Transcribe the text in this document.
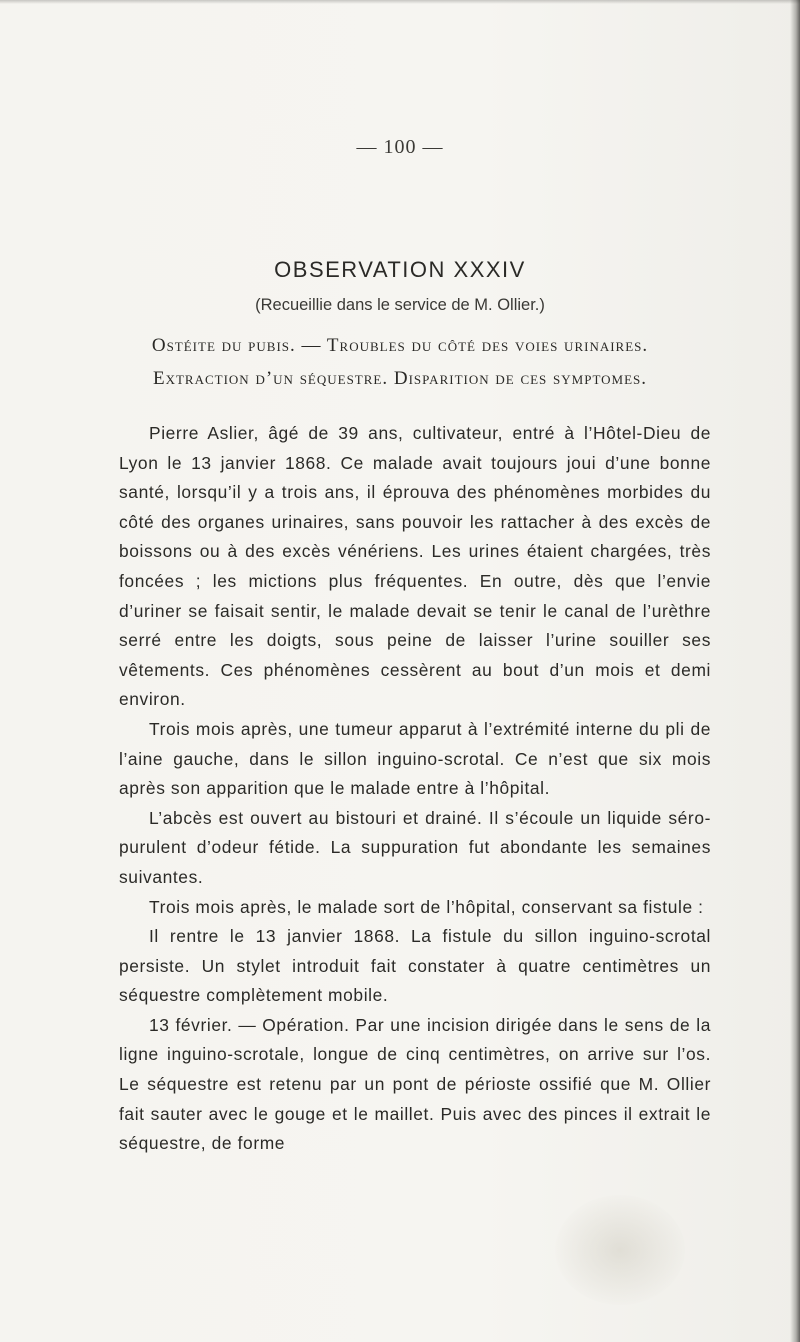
— 100 —
OBSERVATION XXXIV
(Recueillie dans le service de M. Ollier.)
Ostéite du pubis. — Troubles du côté des voies urinaires.
Extraction d’un séquestre. Disparition de ces symptomes.

Pierre Aslier, âgé de 39 ans, cultivateur, entré à l’Hôtel-Dieu de Lyon le 13 janvier 1868. Ce malade avait toujours joui d’une bonne santé, lorsqu’il y a trois ans, il éprouva des phénomènes morbides du côté des organes urinaires, sans pouvoir les rattacher à des excès de boissons ou à des excès vénériens. Les urines étaient chargées, très foncées ; les mictions plus fréquentes. En outre, dès que l’envie d’uriner se faisait sentir, le malade devait se tenir le canal de l’urèthre serré entre les doigts, sous peine de laisser l’urine souiller ses vêtements. Ces phénomènes cessèrent au bout d’un mois et demi environ.

Trois mois après, une tumeur apparut à l’extrémité interne du pli de l’aine gauche, dans le sillon inguino-scrotal. Ce n’est que six mois après son apparition que le malade entre à l’hôpital.

L’abcès est ouvert au bistouri et drainé. Il s’écoule un liquide séro-purulent d’odeur fétide. La suppuration fut abondante les semaines suivantes.

Trois mois après, le malade sort de l’hôpital, conservant sa fistule :

Il rentre le 13 janvier 1868. La fistule du sillon inguino-scrotal persiste. Un stylet introduit fait constater à quatre centimètres un séquestre complètement mobile.

13 février. — Opération. Par une incision dirigée dans le sens de la ligne inguino-scrotale, longue de cinq centimètres, on arrive sur l’os. Le séquestre est retenu par un pont de périoste ossifié que M. Ollier fait sauter avec le gouge et le maillet. Puis avec des pinces il extrait le séquestre, de forme
